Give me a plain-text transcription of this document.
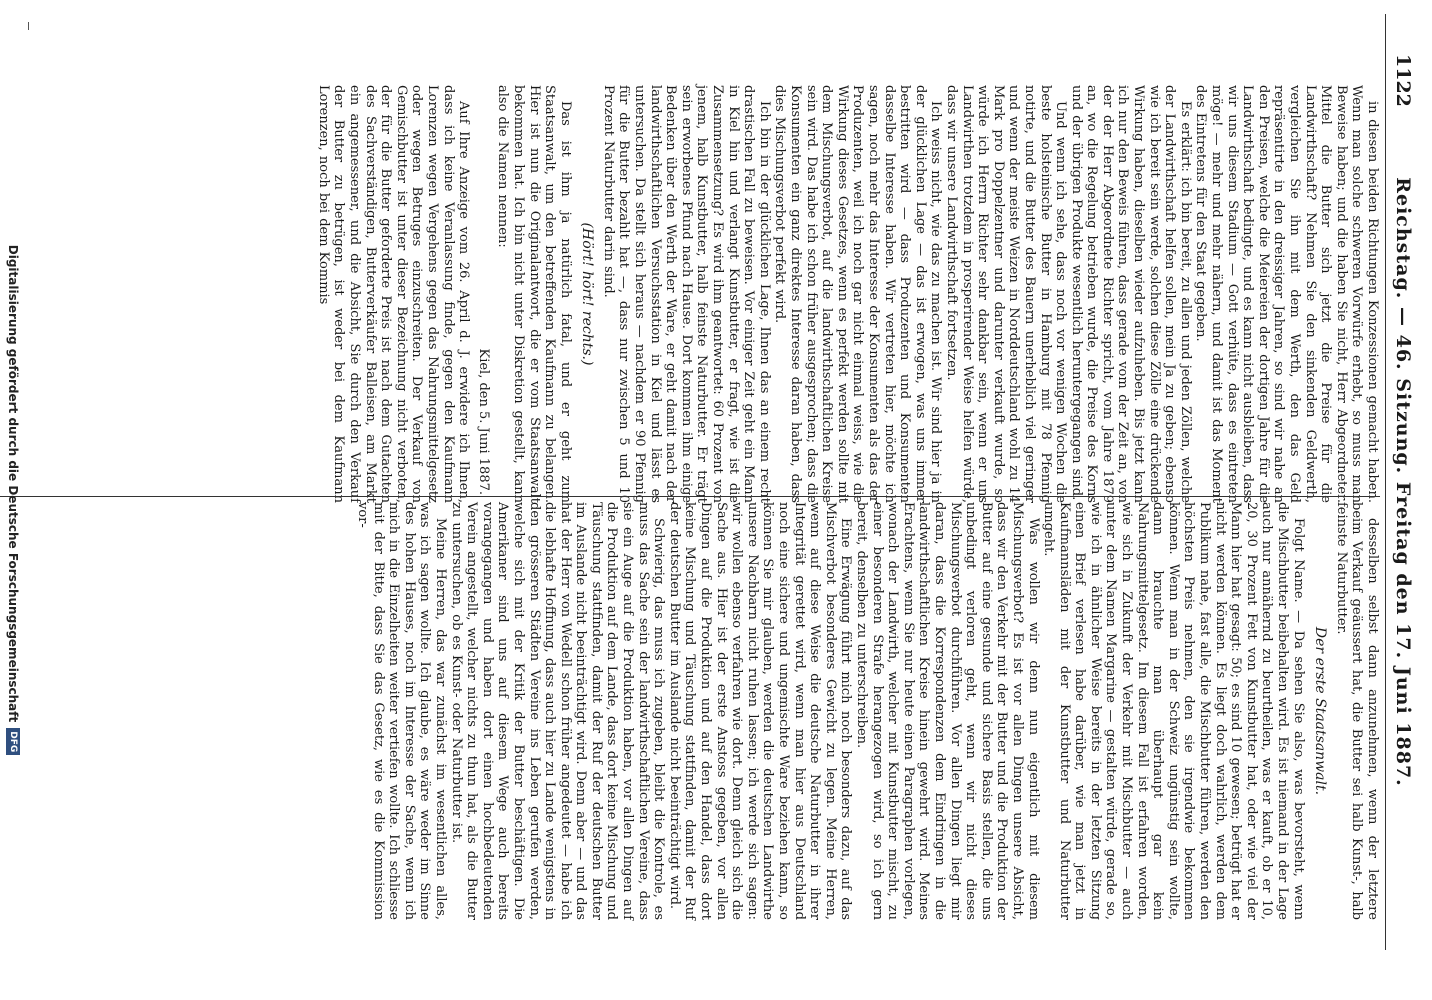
1122
Reichstag. — 46. Sitzung. Freitag den 17. Juni 1887.

in diesen beiden Richtungen Konzessionen gemacht haben. Wenn man solche schweren Vorwürfe erhebt, so muss man Beweise haben; und die haben Sie nicht, Herr Abgeordneter. Mittel die Butter sich jetzt die Preise für die Landwirthschaft? Nehmen Sie den sinkenden Geldwerth, vergleichen Sie ihn mit dem Werth, den das Geld repräsentirte in den dreissiger Jahren, so sind wir nahe an den Preisen, welche die Meiereien der dortigen Jahre für die Landwirthschaft bedingte, und es kann nicht ausbleiben, dass wir uns diesem Stadium — Gott verhüte, dass es eintreten möge! — mehr und mehr nähern, und damit ist das Moment des Eintretens für den Staat gegeben.

Es erklärt: ich bin bereit, zu allen und jeden Zöllen, welche der Landwirthschaft helfen sollen, mein Ja zu geben; ebenso wie ich bereit sein werde, solchen diese Zölle eine drückende Wirkung haben, dieselben wieder aufzuheben. Bis jetzt kann ich nur den Beweis führen, dass gerade vom der Zeit an, von der der Herr Abgeordnete Richter spricht, vom Jahre 1879 an, wo die Regelung betrieben wurde, die Preise des Korns und der übrigen Produkte wesentlich heruntergegangen sind.

Und wenn ich sehe, dass noch vor wenigen Wochen die beste holsteinische Butter in Hamburg mit 78 Pfennig notirte, und die Butter des Bauern unerheblich viel geringer und wenn der meiste Weizen in Norddeutschland wohl zu 14 Mark pro Doppelzentner und darunter verkauft wurde, so würde ich Herrn Richter sehr dankbar sein, wenn er uns Landwirthen trotzdem in prosperirender Weise helfen würde, dass wir unsere Landwirthschaft fortsetzen.

Ich weiss nicht, wie das zu machen ist. Wir sind hier ja in der glücklichen Lage — das ist erwogen, was uns immer bestritten wird — dass Produzenten und Konsumenten dasselbe Interesse haben. Wir vertreten hier, möchte ich sagen, noch mehr das Interesse der Konsumenten als das der Produzenten, weil ich noch gar nicht einmal weiss, wie die Wirkung dieses Gesetzes, wenn es perfekt werden sollte mit dem Mischungsverbot, auf die landwirthschaftlichen Kreise sein wird. Das habe ich schon früher ausgesprochen; dass die Konsumenten ein ganz direktes Interesse daran haben, dass dies Mischungsverbot perfekt wird.

Ich bin in der glücklichen Lage, Ihnen das an einem recht drastischen Fall zu beweisen. Vor einiger Zeit geht ein Mann in Kiel hin und verlangt Kunstbutter, er fragt, wie ist die Zusammensetzung? Es wird ihm geantwortet: 60 Prozent von jenem, halb Kunstbutter, halb feinste Naturbutter. Er trägt sein erworbenes Pfund nach Hause. Dort kommen ihm einige Bedenken über den Werth der Ware, er geht damit nach der landwirthschaftlichen Versuchsstation in Kiel und lässt es untersuchen. Da stellt sich heraus — nachdem er 90 Pfennig für die Butter bezahlt hat —, dass nur zwischen 5 und 10 Prozent Naturbutter darin sind.

(Hört! hört! rechts.)

Das ist ihm ja natürlich fatal, und er geht zum Staatsanwalt, um den betreffenden Kaufmann zu belangen. Hier ist nun die Originalantwort, die er vom Staatsanwalt bekommen hat. Ich bin nicht unter Diskretion gestellt, kann also die Namen nennen:

Kiel, den 5. Juni 1887.

Auf Ihre Anzeige vom 26. April d. J. erwidere ich Ihnen, dass ich keine Veranlassung finde, gegen den Kaufmann Lorenzen wegen Vergehens gegen das Nahrungsmittelgesetz oder wegen Betruges einzuschreiten. Der Verkauf von Gemischbutter ist unter dieser Bezeichnung nicht verboten, der für die Butter geforderte Preis ist nach dem Gutachten des Sachverständigen, Butterverkäufer Balleisen, am Markt ein angemessener, und die Absicht, Sie durch den Verkauf der Butter zu betrügen, ist weder bei dem Kaufmann Lorenzen, noch bei dem Kommis

desselben selbst dann anzunehmen, wenn der letztere beim Verkauf geäussert hat, die Butter sei halb Kunst-, halb feinste Naturbutter.

Der erste Staatsanwalt.

Folgt Name. — Da sehen Sie also, was bevorsteht, wenn die Mischbutter beibehalten wird. Es ist niemand in der Lage auch nur annähernd zu beurtheilen, was er kauft, ob er 10, 20, 30 Prozent Fett von Kunstbutter hat, oder wie viel der Mann hier hat gesagt: 50; es sind 10 gewesen; betrügt hat er nicht werden können. Es liegt doch wahrlich, werden dem Publikum nahe, fast alle, die Mischbutter führen, werden den höchsten Preis nehmen, den sie irgendwie bekommen können. Wenn man in der Schweiz ungünstig sein wollte, dann brauchte man überhaupt gar kein Nahrungsmittelgesetz. Im diesem Fall ist erfahren worden, wie sich in Zukunft der Verkehr mit Mischbutter — auch unter dem Namen Margarine — gestalten würde, gerade so, wie ich in ähnlicher Weise bereits in der letzten Sitzung einen Brief verlesen habe darüber, wie man jetzt in Kaufmannsläden mit der Kunstbutter und Naturbutter umgeht.

Was wollen wir denn nun eigentlich mit diesem Mischungsverbot? Es ist vor allen Dingen unsere Absicht, dass wir den Verkehr mit der Butter und die Produktion der Butter auf eine gesunde und sichere Basis stellen, die uns unbedingt verloren geht, wenn wir nicht dieses Mischungsverbot durchführen. Vor allen Dingen liegt mir daran, dass die Korrespondenzen dem Eindringen in die landwirthschaftlichen Kreise hinein gewehrt wird. Meines Erachtens, wenn Sie nur heute einen Paragraphen vorlegen, wonach der Landwirth, welcher mit Kunstbutter mischt, zu einer besonderen Strafe herangezogen wird, so ich gern bereit, denselben zu unterschreiben.

Eine Erwägung führt mich noch besonders dazu, auf das Mischverbot besonderes Gewicht zu legen. Meine Herren, wenn auf diese Weise die deutsche Naturbutter in ihrer Integrität gerettet wird, wenn man hier aus Deutschland noch eine sichere und ungemischte Ware beziehen kann, so können Sie mir glauben, werden die deutschen Landwirthe unsere Nachbarn nicht ruhen lassen; ich werde sich sagen: wir wollen ebenso verfahren wie dort. Denn gleich sich die Sache aus. Hier ist der erste Anstoss gegeben, vor allen Dingen auf die Produktion und auf den Handel, dass dort keine Mischung und Täuschung stattfinden, damit der Ruf der deutschen Butter im Auslande nicht beeinträchtigt wird.

Schwierig, das muss ich zugeben, bleibt die Kontrole, es muss das Sache sein der landwirthschaftlichen Vereine, dass sie ein Auge auf die Produktion haben, vor allen Dingen auf die Produktion auf dem Lande, dass dort keine Mischung und Täuschung stattfinden, damit der Ruf der deutschen Butter im Auslande nicht beeinträchtigt wird. Denn aber — und das hat der Herr von Wedell schon früher angedeutet — habe ich die lebhafte Hoffnung, dass auch hier zu Lande wenigstens in den grösseren Städten Vereine ins Leben gerufen werden, welche sich mit der Kritik der Butter beschäftigen. Die Amerikaner sind uns auf diesem Wege auch bereits vorangegangen und haben dort einen hochbedeutenden Verein angestellt, welcher nichts zu thun hat, als die Butter zu untersuchen, ob es Kunst- oder Naturbutter ist.

Meine Herren, das war zunächst im wesentlichen alles, was ich sagen wollte. Ich glaube, es wäre weder im Sinne des hohen Hauses, noch im Interesse der Sache, wenn ich mich in die Einzelheiten weiter vertiefen wollte. Ich schliesse mit der Bitte, dass Sie das Gesetz, wie es die Kommission vor-

Digitalisierung gefördert durch die Deutsche Forschungsgemeinschaft
DFG
